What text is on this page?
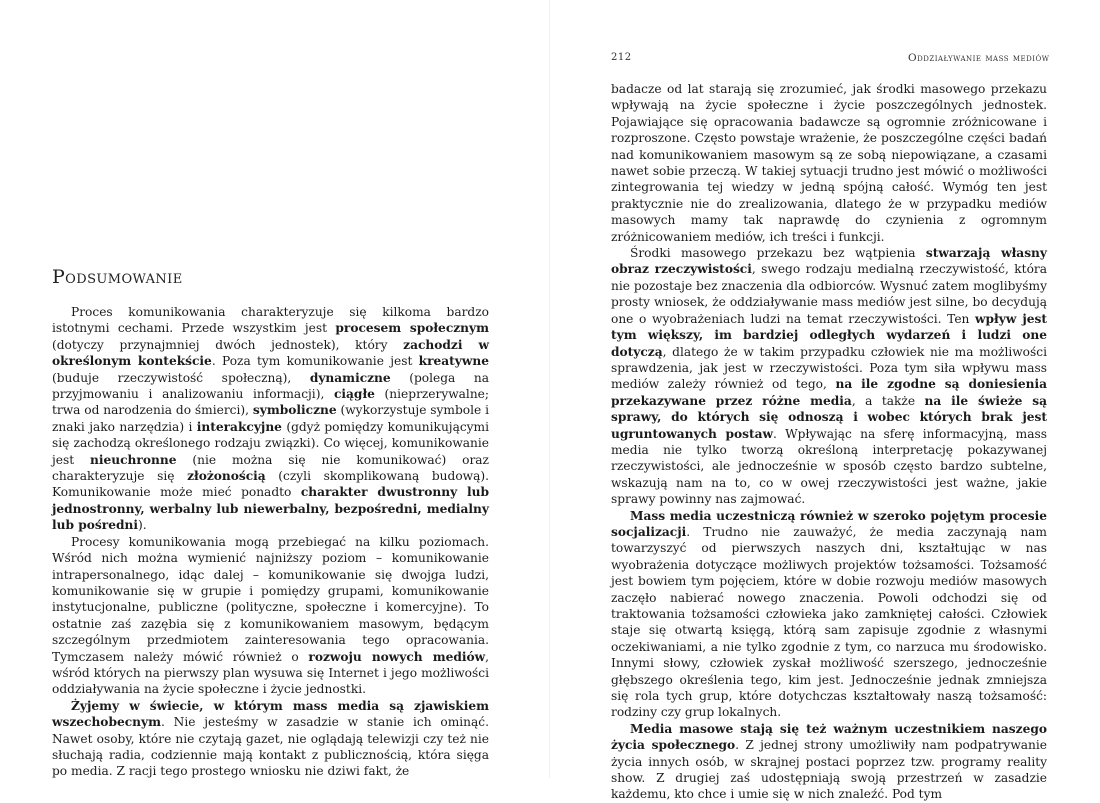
Podsumowanie

Proces komunikowania charakteryzuje się kilkoma bardzo istotnymi cechami. Przede wszystkim jest procesem społecznym (dotyczy przynajmniej dwóch jednostek), który zachodzi w określonym kontekście. Poza tym komunikowanie jest kreatywne (buduje rzeczywistość społeczną), dynamiczne (polega na przyjmowaniu i analizowaniu informacji), ciągłe (nieprzerywalne; trwa od narodzenia do śmierci), symboliczne (wykorzystuje symbole i znaki jako narzędzia) i interakcyjne (gdyż pomiędzy komunikującymi się zachodzą określonego rodzaju związki). Co więcej, komunikowanie jest nieuchronne (nie można się nie komunikować) oraz charakteryzuje się złożonością (czyli skomplikowaną budową). Komunikowanie może mieć ponadto charakter dwustronny lub jednostronny, werbalny lub niewerbalny, bezpośredni, medialny lub pośredni).

Procesy komunikowania mogą przebiegać na kilku poziomach. Wśród nich można wymienić najniższy poziom – komunikowanie intrapersonalnego, idąc dalej – komunikowanie się dwojga ludzi, komunikowanie się w grupie i pomiędzy grupami, komunikowanie instytucjonalne, publiczne (polityczne, społeczne i komercyjne). To ostatnie zaś zazębia się z komunikowaniem masowym, będącym szczególnym przedmiotem zainteresowania tego opracowania. Tymczasem należy mówić również o rozwoju nowych mediów, wśród których na pierwszy plan wysuwa się Internet i jego możliwości oddziaływania na życie społeczne i życie jednostki.

Żyjemy w świecie, w którym mass media są zjawiskiem wszechobecnym. Nie jesteśmy w zasadzie w stanie ich ominąć. Nawet osoby, które nie czytają gazet, nie oglądają telewizji czy też nie słuchają radia, codziennie mają kontakt z publicznością, która sięga po media. Z racji tego prostego wniosku nie dziwi fakt, że

212	Oddziaływanie mass mediów

badacze od lat starają się zrozumieć, jak środki masowego przekazu wpływają na życie społeczne i życie poszczególnych jednostek. Pojawiające się opracowania badawcze są ogromnie zróżnicowane i rozproszone. Często powstaje wrażenie, że poszczególne części badań nad komunikowaniem masowym są ze sobą niepowiązane, a czasami nawet sobie przeczą. W takiej sytuacji trudno jest mówić o możliwości zintegrowania tej wiedzy w jedną spójną całość. Wymóg ten jest praktycznie nie do zrealizowania, dlatego że w przypadku mediów masowych mamy tak naprawdę do czynienia z ogromnym zróżnicowaniem mediów, ich treści i funkcji.

Środki masowego przekazu bez wątpienia stwarzają własny obraz rzeczywistości, swego rodzaju medialną rzeczywistość, która nie pozostaje bez znaczenia dla odbiorców. Wysnuć zatem moglibyśmy prosty wniosek, że oddziaływanie mass mediów jest silne, bo decydują one o wyobrażeniach ludzi na temat rzeczywistości. Ten wpływ jest tym większy, im bardziej odległych wydarzeń i ludzi one dotyczą, dlatego że w takim przypadku człowiek nie ma możliwości sprawdzenia, jak jest w rzeczywistości. Poza tym siła wpływu mass mediów zależy również od tego, na ile zgodne są doniesienia przekazywane przez różne media, a także na ile świeże są sprawy, do których się odnoszą i wobec których brak jest ugruntowanych postaw. Wpływając na sferę informacyjną, mass media nie tylko tworzą określoną interpretację pokazywanej rzeczywistości, ale jednocześnie w sposób często bardzo subtelne, wskazują nam na to, co w owej rzeczywistości jest ważne, jakie sprawy powinny nas zajmować.

Mass media uczestniczą również w szeroko pojętym procesie socjalizacji. Trudno nie zauważyć, że media zaczynają nam towarzyszyć od pierwszych naszych dni, kształtując w nas wyobrażenia dotyczące możliwych projektów tożsamości. Tożsamość jest bowiem tym pojęciem, które w dobie rozwoju mediów masowych zaczęło nabierać nowego znaczenia. Powoli odchodzi się od traktowania tożsamości człowieka jako zamkniętej całości. Człowiek staje się otwartą księgą, którą sam zapisuje zgodnie z własnymi oczekiwaniami, a nie tylko zgodnie z tym, co narzuca mu środowisko. Innymi słowy, człowiek zyskał możliwość szerszego, jednocześnie głębszego określenia tego, kim jest. Jednocześnie jednak zmniejsza się rola tych grup, które dotychczas kształtowały naszą tożsamość: rodziny czy grup lokalnych.

Media masowe stają się też ważnym uczestnikiem naszego życia społecznego. Z jednej strony umożliwiły nam podpatrywanie życia innych osób, w skrajnej postaci poprzez tzw. programy reality show. Z drugiej zaś udostępniają swoją przestrzeń w zasadzie każdemu, kto chce i umie się w nich znaleźć. Pod tym
